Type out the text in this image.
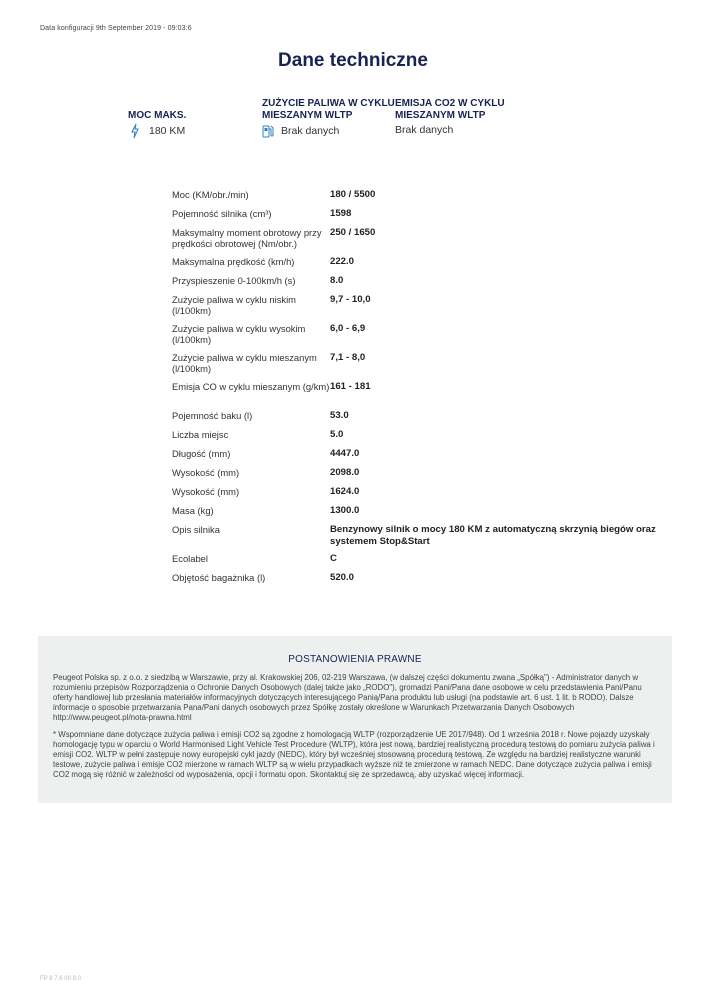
Data konfiguracji 9th September 2019 - 09:03:6
Dane techniczne
MOC MAKS.
180 KM
ZUŻYCIE PALIWA W CYKLU
MIESZANYM WLTP
Brak danych
EMISJA CO2 W CYKLU
MIESZANYM WLTP
Brak danych
Moc (KM/obr./min)	180 / 5500
Pojemność silnika (cm³)	1598
Maksymalny moment obrotowy przy prędkości obrotowej (Nm/obr.)
250 / 1650
Maksymalna prędkość (km/h)	222.0
Przyspieszenie 0-100km/h (s)	8.0
Zużycie paliwa w cyklu niskim (l/100km)
9,7 - 10,0
Zużycie paliwa w cyklu wysokim (l/100km)
6,0 - 6,9
Zużycie paliwa w cyklu mieszanym (l/100km)
7,1 - 8,0
Emisja CO w cyklu mieszanym (g/km) 161 - 181
Pojemność baku (l)	53.0
Liczba miejsc	5.0
Długość (mm)	4447.0
Wysokość (mm)	2098.0
Wysokość (mm)	1624.0
Masa (kg)	1300.0
Opis silnika	Benzynowy silnik o mocy 180 KM z automatyczną skrzynią biegów oraz systemem Stop&Start
Ecolabel	C
Objętość bagażnika (l)	520.0
POSTANOWIENIA PRAWNE
Peugeot Polska sp. z o.o. z siedzibą w Warszawie, przy al. Krakowskiej 206, 02-219 Warszawa, (w dalszej części dokumentu zwana „Spółką") - Administrator danych w rozumieniu przepisów Rozporządzenia o Ochronie Danych Osobowych (dalej także jako „RODO"), gromadzi Pani/Pana dane osobowe w celu przedstawienia Pani/Panu oferty handlowej lub przesłania materiałów informacyjnych dotyczących interesującego Panią/Pana produktu lub usługi (na podstawie art. 6 ust. 1 lit. b RODO). Dalsze informacje o sposobie przetwarzania Pana/Pani danych osobowych przez Spółkę zostały określone w Warunkach Przetwarzania Danych Osobowych http://www.peugeot.pl/nota-prawna.html
* Wspomniane dane dotyczące zużycia paliwa i emisji CO2 są zgodne z homologacją WLTP (rozporządzenie UE 2017/948). Od 1 września 2018 r. Nowe pojazdy uzyskały homologację typu w oparciu o World Harmonised Light Vehicle Test Procedure (WLTP), która jest nową, bardziej realistyczną procedurą testową do pomiaru zużycia paliwa i emisji CO2. WLTP w pełni zastępuje nowy europejski cykl jazdy (NEDC), który był wcześniej stosowaną procedurą testową. Ze względu na bardziej realistyczne warunki testowe, zużycie paliwa i emisje CO2 mierzone w ramach WLTP są w wielu przypadkach wyższe niż te zmierzone w ramach NEDC. Dane dotyczące zużycia paliwa i emisji CO2 mogą się różnić w zależności od wyposażenia, opcji i formatu opon. Skontaktuj się ze sprzedawcą, aby uzyskać więcej informacji.
FP 8 7.6 00 8.0
